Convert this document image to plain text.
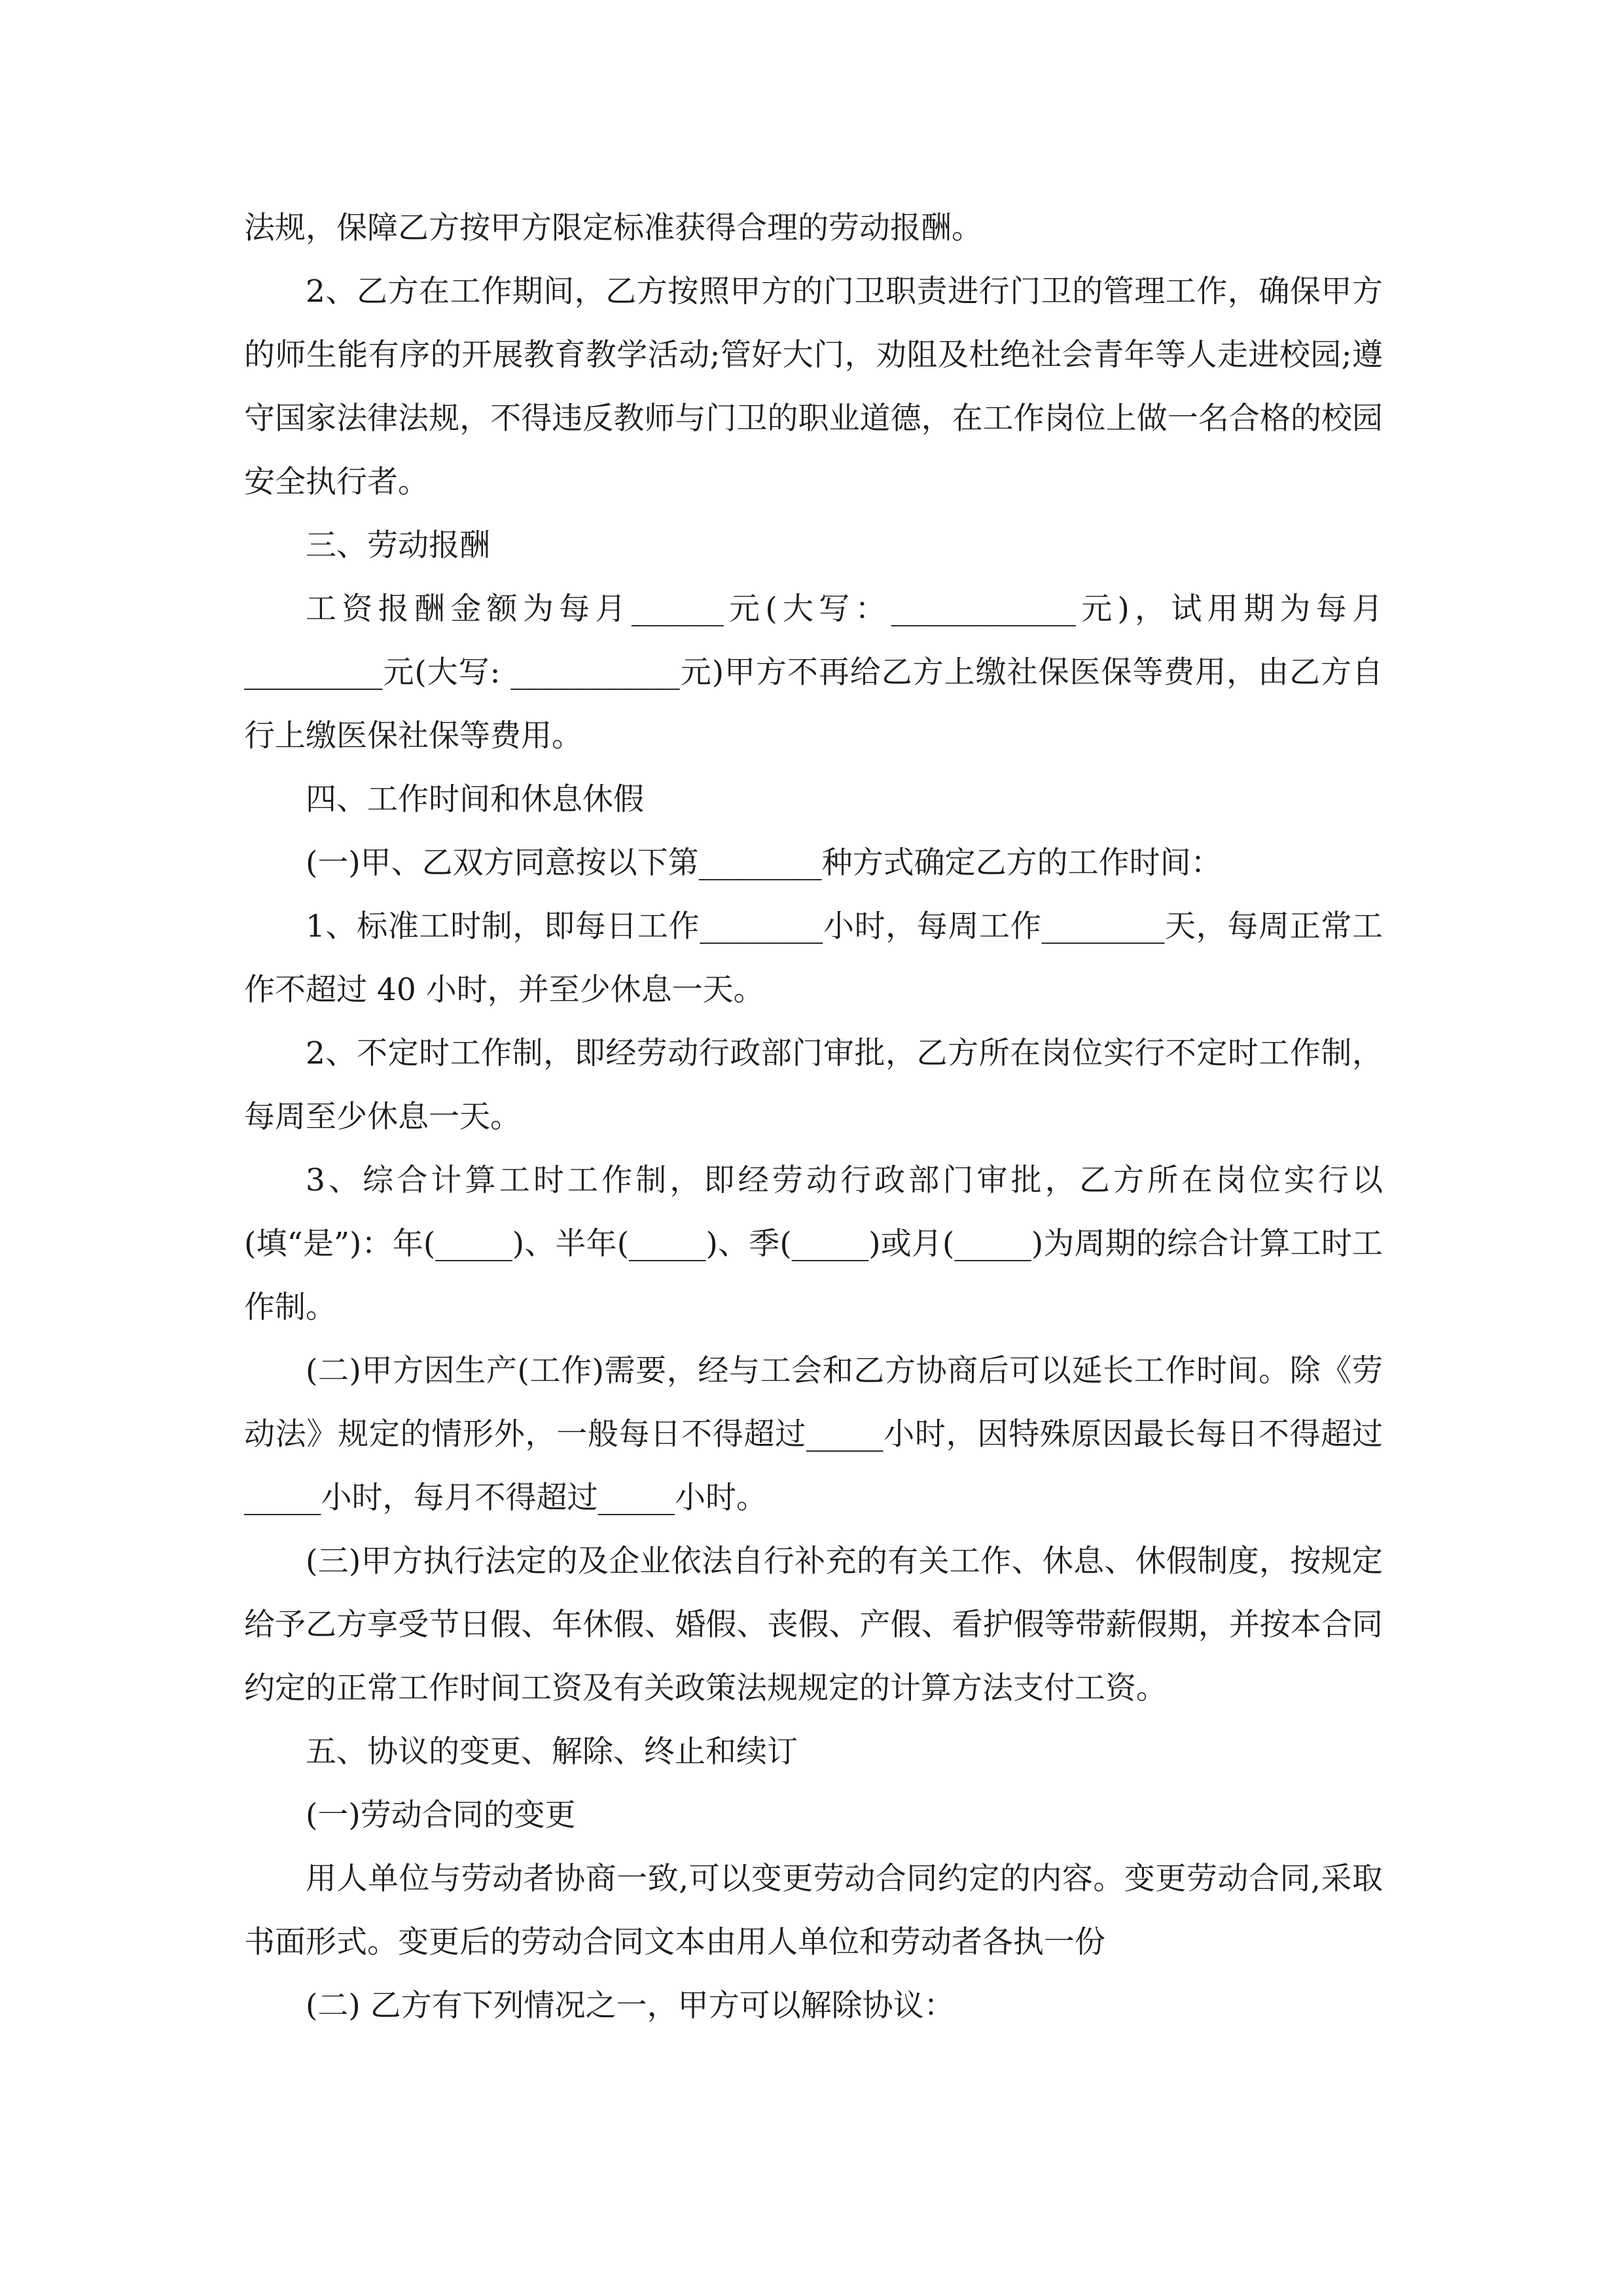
法规，保障乙方按甲方限定标准获得合理的劳动报酬。

2、乙方在工作期间，乙方按照甲方的门卫职责进行门卫的管理工作，确保甲方的师生能有序的开展教育教学活动;管好大门，劝阻及杜绝社会青年等人走进校园;遵守国家法律法规，不得违反教师与门卫的职业道德，在工作岗位上做一名合格的校园安全执行者。

三、劳动报酬

工资报酬金额为每月______元(大写：____________元)，试用期为每月_________元(大写: ___________元)甲方不再给乙方上缴社保医保等费用，由乙方自行上缴医保社保等费用。

四、工作时间和休息休假

(一)甲、乙双方同意按以下第________种方式确定乙方的工作时间：

1、标准工时制，即每日工作________小时，每周工作________天，每周正常工作不超过 40 小时，并至少休息一天。

2、不定时工作制，即经劳动行政部门审批，乙方所在岗位实行不定时工作制，每周至少休息一天。

3、综合计算工时工作制，即经劳动行政部门审批，乙方所在岗位实行以(填“是”)：年(_____)、半年(_____)、季(_____)或月(_____)为周期的综合计算工时工作制。

(二)甲方因生产(工作)需要，经与工会和乙方协商后可以延长工作时间。除《劳动法》规定的情形外，一般每日不得超过_____小时，因特殊原因最长每日不得超过_____小时，每月不得超过_____小时。

(三)甲方执行法定的及企业依法自行补充的有关工作、休息、休假制度，按规定给予乙方享受节日假、年休假、婚假、丧假、产假、看护假等带薪假期，并按本合同约定的正常工作时间工资及有关政策法规规定的计算方法支付工资。

五、协议的变更、解除、终止和续订

(一)劳动合同的变更

用人单位与劳动者协商一致,可以变更劳动合同约定的内容。变更劳动合同,采取书面形式。变更后的劳动合同文本由用人单位和劳动者各执一份

(二) 乙方有下列情况之一，甲方可以解除协议：
